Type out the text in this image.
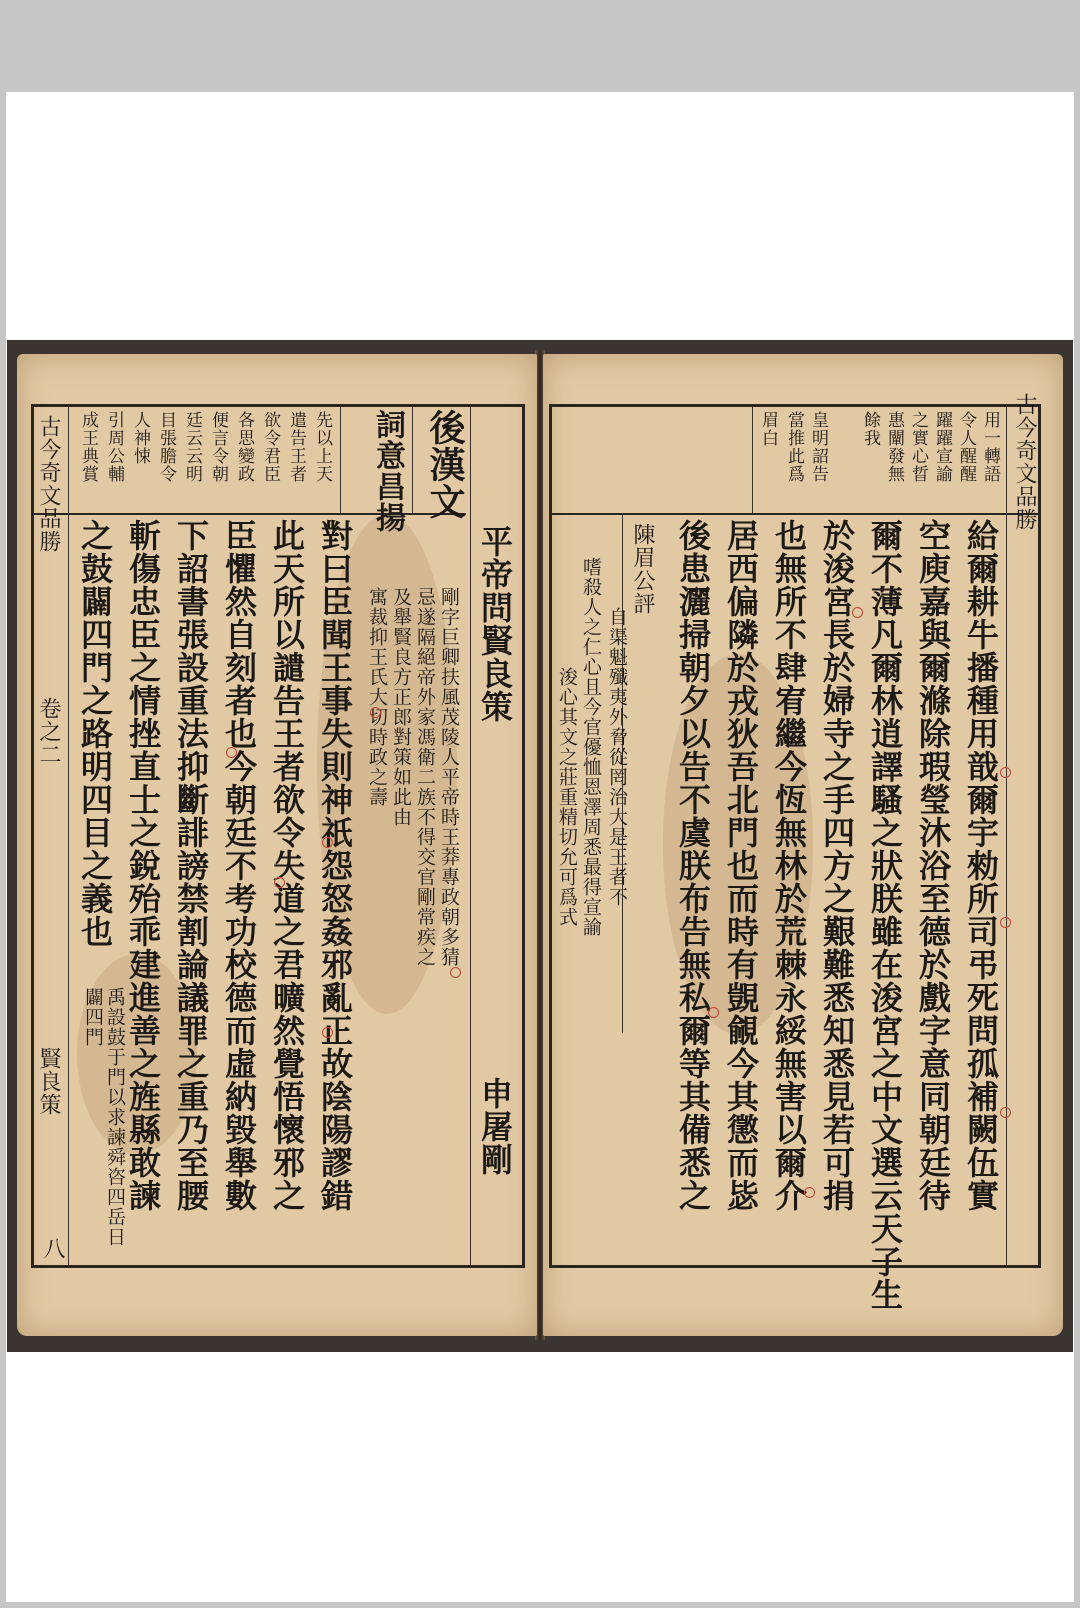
古今奇文品勝
卷之二
賢良策
八
先以上天
遣告王者
欲令君臣
各思變政
便言令朝
廷云云明
目張膽令
人神悚
引周公輔
成王典賞	詞意昌揚 後漢文
平帝問賢良策
申屠剛
剛字巨卿扶風茂陵人平帝時王莽專政朝多猜
忌遂隔絕帝外家馮衛二族不得交官剛常疾之
及舉賢良方正郎對策如此由
寓裁抑王氏大切時政之壽
對曰臣聞王事失則神祇怨怒姦邪亂正故陰陽謬錯
此天所以譴告王者欲令失道之君曠然覺悟懷邪之
臣懼然自刻者也今朝廷不考功校德而虛納毀舉數
下詔書張設重法抑斷誹謗禁割論議罪之重乃至腰
斬傷忠臣之情挫直士之銳殆乖建進善之旌縣敢諫
之鼓闢四門之路明四目之義也
禹設鼓于門以求諫舜咨四岳日闢四門
古今奇文品勝
用一轉語
令人醒醒
躍躍宣諭
之實心晢
惠闡發無
餘我
皇明詔告
當推此爲
眉白
給爾耕牛播種用戠爾宇勑所司弔死問孤補闕伍實
空庾嘉與爾滌除瑕瑩沐浴至德於戲字意同朝廷待
爾不薄凡爾林逍譯騷之狀朕雖在浚宮之中文選云天子生
於浚宮長於婦寺之手四方之艱難悉知悉見若可捐
也無所不肆宥繼今恆無林於荒棘永綏無害以爾介
居西偏隣於戎狄吾北門也而時有覬覦今其懲而毖
後患灑掃朝夕以告不虞朕布告無私爾等其備悉之
陳眉公評
自渠魁殲夷外脅從罔治大是王者不
嗜殺人之仁心且今官優恤恩澤周悉最得宣諭
浚心其文之莊重精切允可爲式
